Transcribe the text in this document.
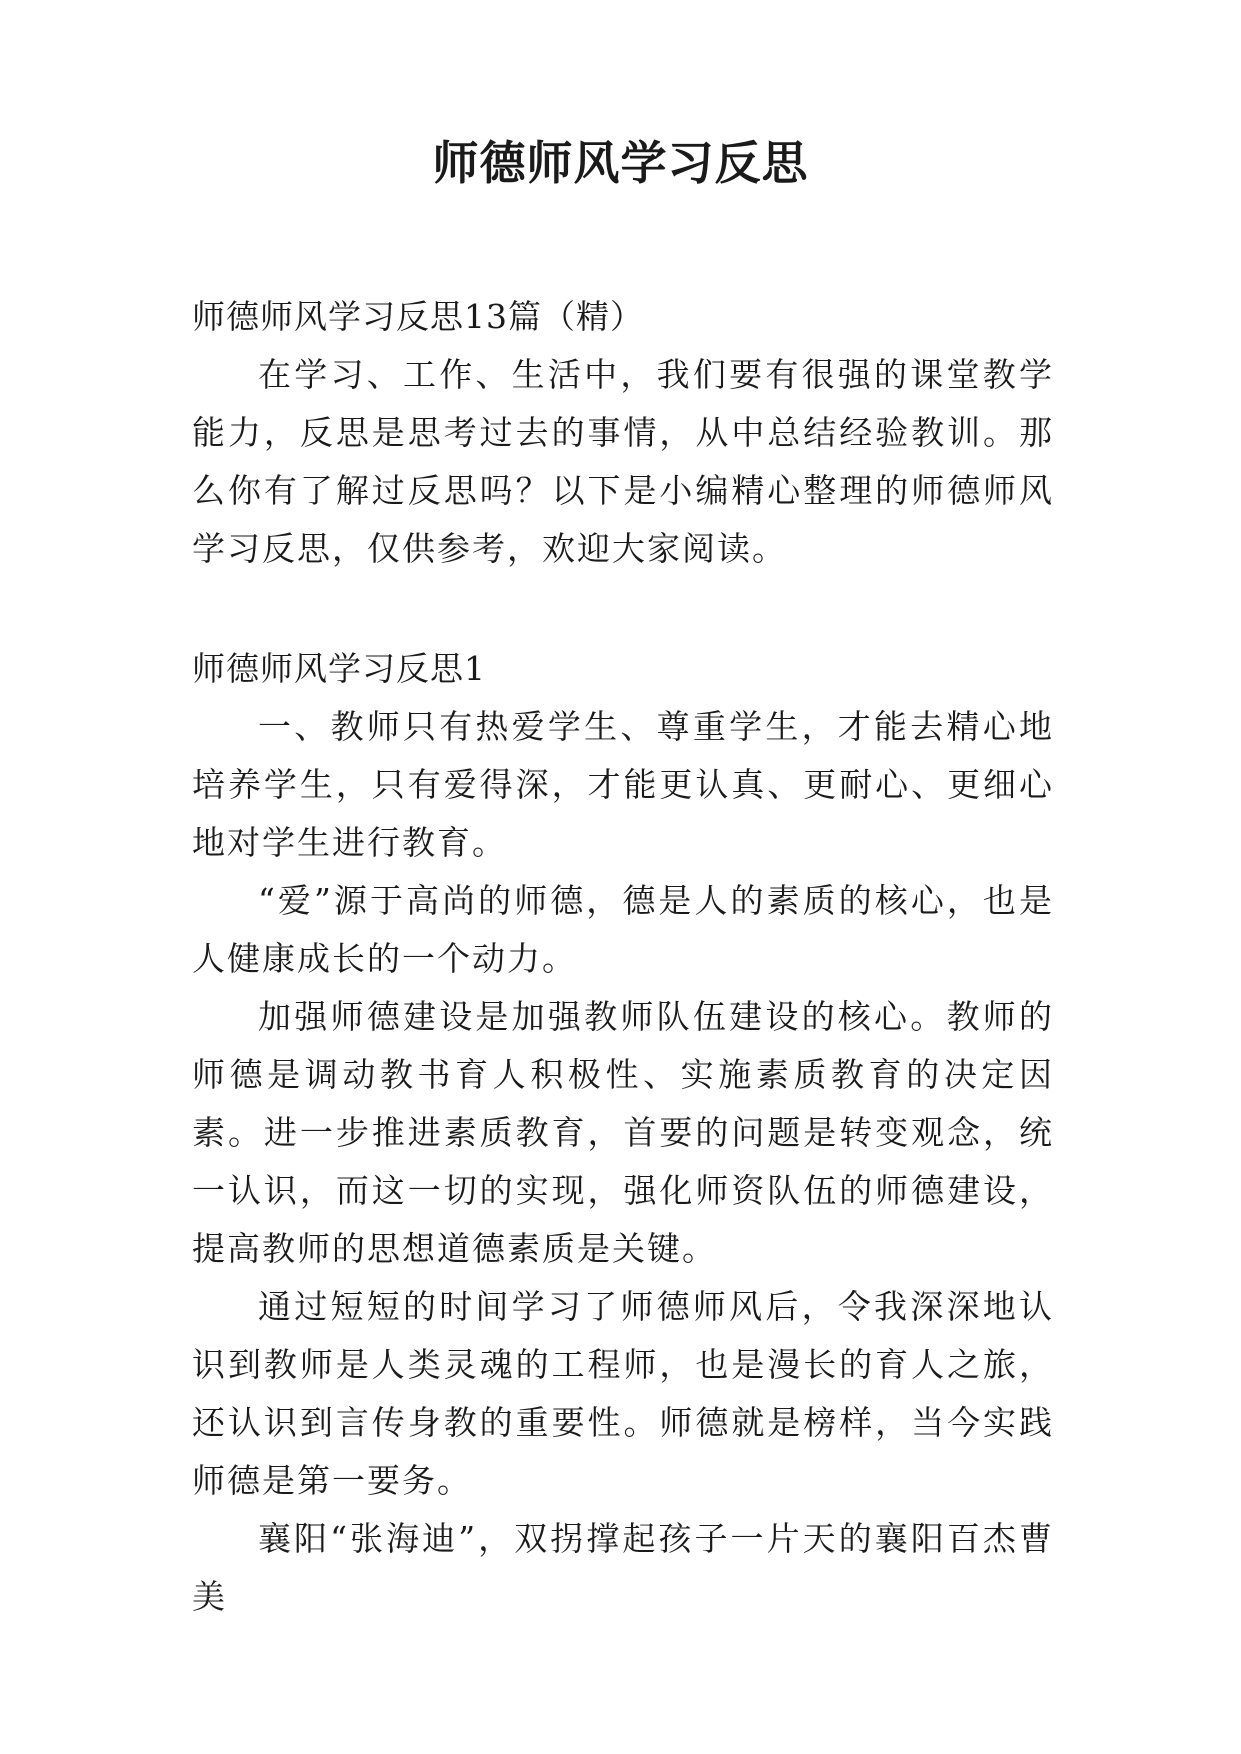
师德师风学习反思

师德师风学习反思13篇（精）

在学习、工作、生活中，我们要有很强的课堂教学能力，反思是思考过去的事情，从中总结经验教训。那么你有了解过反思吗？以下是小编精心整理的师德师风学习反思，仅供参考，欢迎大家阅读。

师德师风学习反思1

一、教师只有热爱学生、尊重学生，才能去精心地培养学生，只有爱得深，才能更认真、更耐心、更细心地对学生进行教育。

“爱”源于高尚的师德，德是人的素质的核心，也是人健康成长的一个动力。

加强师德建设是加强教师队伍建设的核心。教师的师德是调动教书育人积极性、实施素质教育的决定因素。进一步推进素质教育，首要的问题是转变观念，统一认识，而这一切的实现，强化师资队伍的师德建设，提高教师的思想道德素质是关键。

通过短短的时间学习了师德师风后，令我深深地认识到教师是人类灵魂的工程师，也是漫长的育人之旅，还认识到言传身教的重要性。师德就是榜样，当今实践师德是第一要务。

襄阳“张海迪”，双拐撑起孩子一片天的襄阳百杰曹美
